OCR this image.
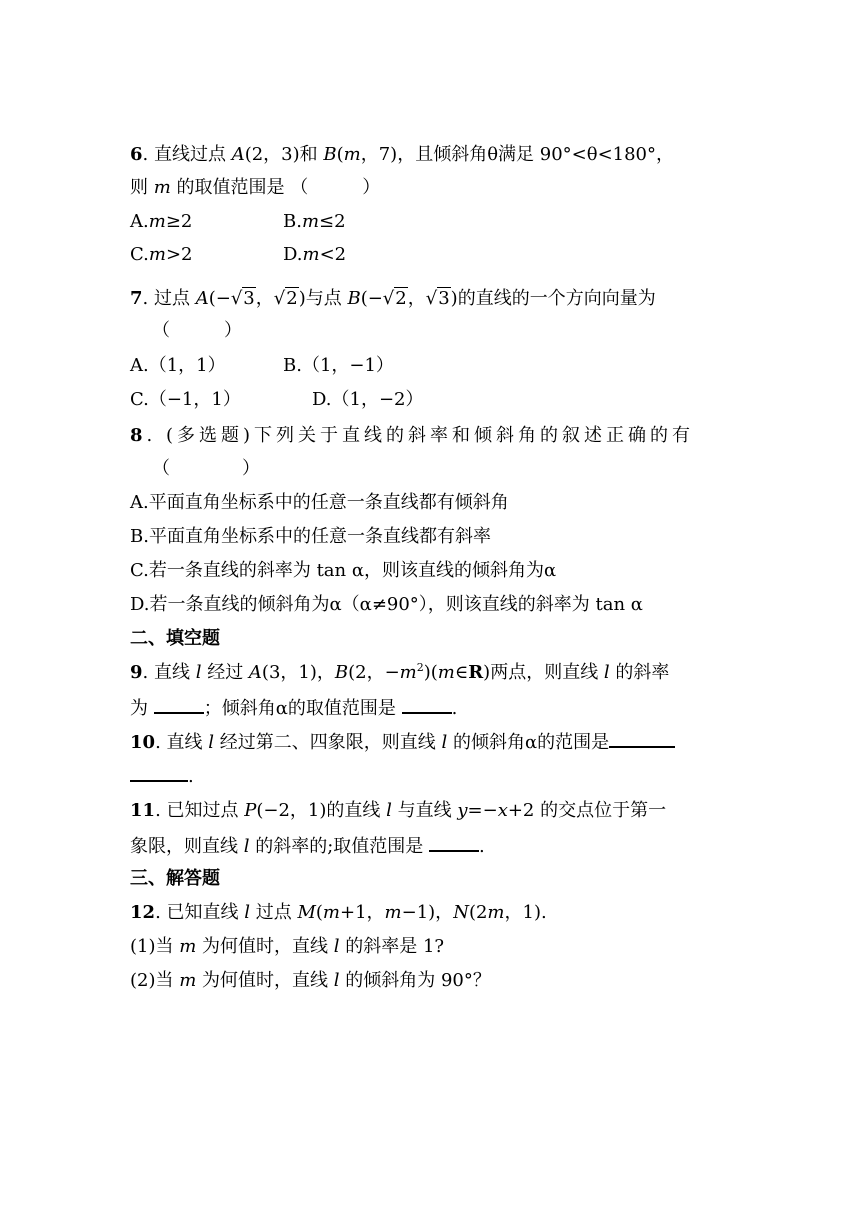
6. 直线过点 A(2，3)和 B(m，7)，且倾斜角θ满足 90°<θ<180°，
则 m 的取值范围是 （　　　）
A.m≥2	B.m≤2
C.m>2	D.m<2
7. 过点 A(−√3，√2)与点 B(−√2，√3)的直线的一个方向向量为
（　　　）
A.（1，1）	B.（1，−1）
C.（−1，1）	D.（1，−2）
8. (多选题)下列关于直线的斜率和倾斜角的叙述正确的有
（　　　　）
A.平面直角坐标系中的任意一条直线都有倾斜角
B.平面直角坐标系中的任意一条直线都有斜率
C.若一条直线的斜率为 tan α，则该直线的倾斜角为α
D.若一条直线的倾斜角为α（α≠90°），则该直线的斜率为 tan α
二、填空题
9. 直线 l 经过 A(3，1)，B(2，$-m^2)(m\in R)$两点，则直线 l 的斜率
为	；倾斜角α的取值范围是	.
10. 直线 l 经过第二、四象限，则直线 l 的倾斜角α的范围是
.
11. 已知过点 P(−2，1)的直线 l 与直线 y=−x+2 的交点位于第一
象限，则直线 l 的斜率的;取值范围是	.
三、解答题
12. 已知直线 l 过点 M(m+1，m−1)，N(2m，1).
(1)当 m 为何值时，直线 l 的斜率是 1?
(2)当 m 为何值时，直线 l 的倾斜角为 90°？
